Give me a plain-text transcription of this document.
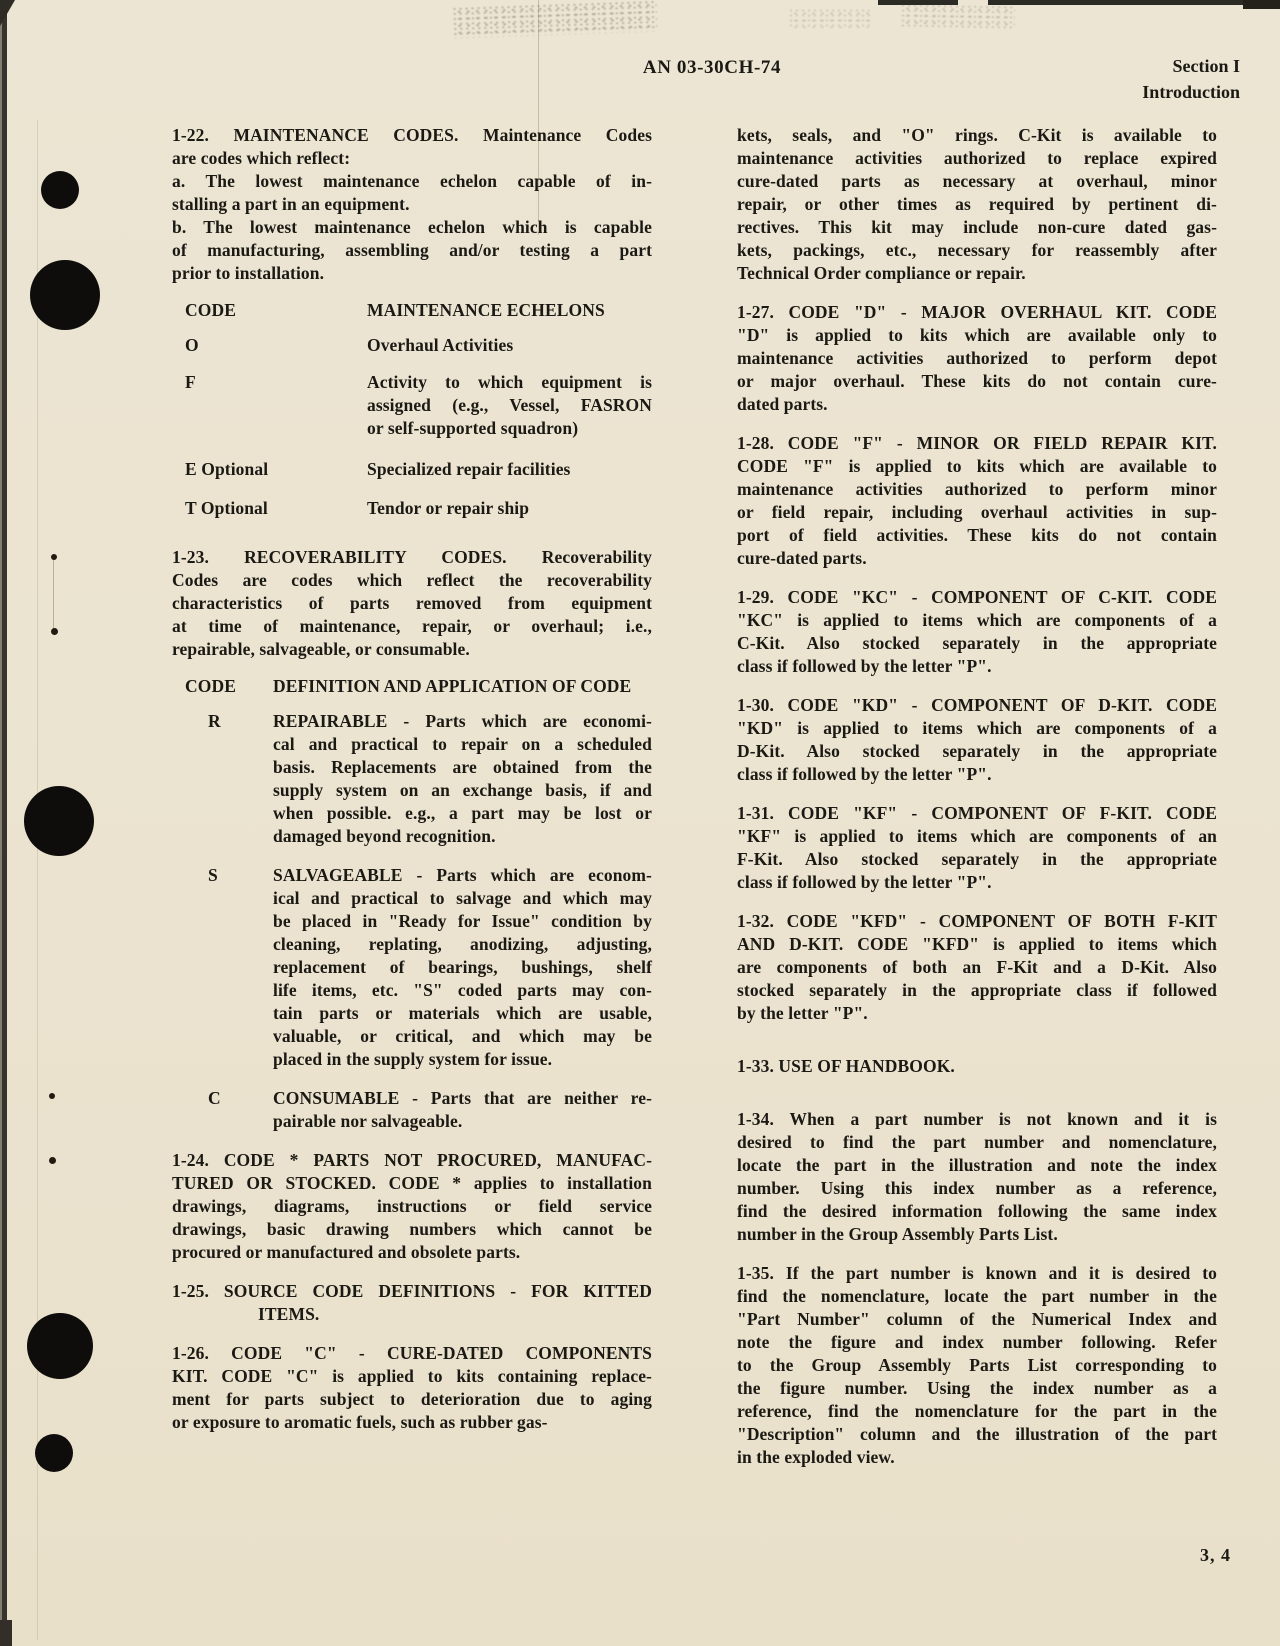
AN 03-30CH-74	Section I
Introduction
1-22. MAINTENANCE CODES. Maintenance Codes
are codes which reflect:
a. The lowest maintenance echelon capable of in-
stalling a part in an equipment.
b. The lowest maintenance echelon which is capable
of manufacturing, assembling and/or testing a part
prior to installation.
CODE	MAINTENANCE ECHELONS
O	Overhaul Activities
F	Activity to which equipment is
assigned (e.g., Vessel, FASRON
or self-supported squadron)
E Optional	Specialized repair facilities
T Optional	Tendor or repair ship
1-23. RECOVERABILITY CODES. Recoverability
Codes are codes which reflect the recoverability
characteristics of parts removed from equipment
at time of maintenance, repair, or overhaul; i.e.,
repairable, salvageable, or consumable.
CODE	DEFINITION AND APPLICATION OF CODE
R	REPAIRABLE - Parts which are economi-
cal and practical to repair on a scheduled
basis. Replacements are obtained from the
supply system on an exchange basis, if and
when possible. e.g., a part may be lost or
damaged beyond recognition.
S	SALVAGEABLE - Parts which are econom-
ical and practical to salvage and which may
be placed in "Ready for Issue" condition by
cleaning, replating, anodizing, adjusting,
replacement of bearings, bushings, shelf
life items, etc. "S" coded parts may con-
tain parts or materials which are usable,
valuable, or critical, and which may be
placed in the supply system for issue.
C	CONSUMABLE - Parts that are neither re-
pairable nor salvageable.
1-24. CODE * PARTS NOT PROCURED, MANUFAC-
TURED OR STOCKED. CODE * applies to installation
drawings, diagrams, instructions or field service
drawings, basic drawing numbers which cannot be
procured or manufactured and obsolete parts.
1-25. SOURCE CODE DEFINITIONS - FOR KITTED
ITEMS.
1-26. CODE "C" - CURE-DATED COMPONENTS
KIT. CODE "C" is applied to kits containing replace-
ment for parts subject to deterioration due to aging
or exposure to aromatic fuels, such as rubber gas-
kets, seals, and "O" rings. C-Kit is available to
maintenance activities authorized to replace expired
cure-dated parts as necessary at overhaul, minor
repair, or other times as required by pertinent di-
rectives. This kit may include non-cure dated gas-
kets, packings, etc., necessary for reassembly after
Technical Order compliance or repair.
1-27. CODE "D" - MAJOR OVERHAUL KIT. CODE
"D" is applied to kits which are available only to
maintenance activities authorized to perform depot
or major overhaul. These kits do not contain cure-
dated parts.
1-28. CODE "F" - MINOR OR FIELD REPAIR KIT.
CODE "F" is applied to kits which are available to
maintenance activities authorized to perform minor
or field repair, including overhaul activities in sup-
port of field activities. These kits do not contain
cure-dated parts.
1-29. CODE "KC" - COMPONENT OF C-KIT. CODE
"KC" is applied to items which are components of a
C-Kit. Also stocked separately in the appropriate
class if followed by the letter "P".
1-30. CODE "KD" - COMPONENT OF D-KIT. CODE
"KD" is applied to items which are components of a
D-Kit. Also stocked separately in the appropriate
class if followed by the letter "P".
1-31. CODE "KF" - COMPONENT OF F-KIT. CODE
"KF" is applied to items which are components of an
F-Kit. Also stocked separately in the appropriate
class if followed by the letter "P".
1-32. CODE "KFD" - COMPONENT OF BOTH F-KIT
AND D-KIT. CODE "KFD" is applied to items which
are components of both an F-Kit and a D-Kit. Also
stocked separately in the appropriate class if followed
by the letter "P".
1-33. USE OF HANDBOOK.
1-34. When a part number is not known and it is
desired to find the part number and nomenclature,
locate the part in the illustration and note the index
number. Using this index number as a reference,
find the desired information following the same index
number in the Group Assembly Parts List.
1-35. If the part number is known and it is desired to
find the nomenclature, locate the part number in the
"Part Number" column of the Numerical Index and
note the figure and index number following. Refer
to the Group Assembly Parts List corresponding to
the figure number. Using the index number as a
reference, find the nomenclature for the part in the
"Description" column and the illustration of the part
in the exploded view.
3, 4
